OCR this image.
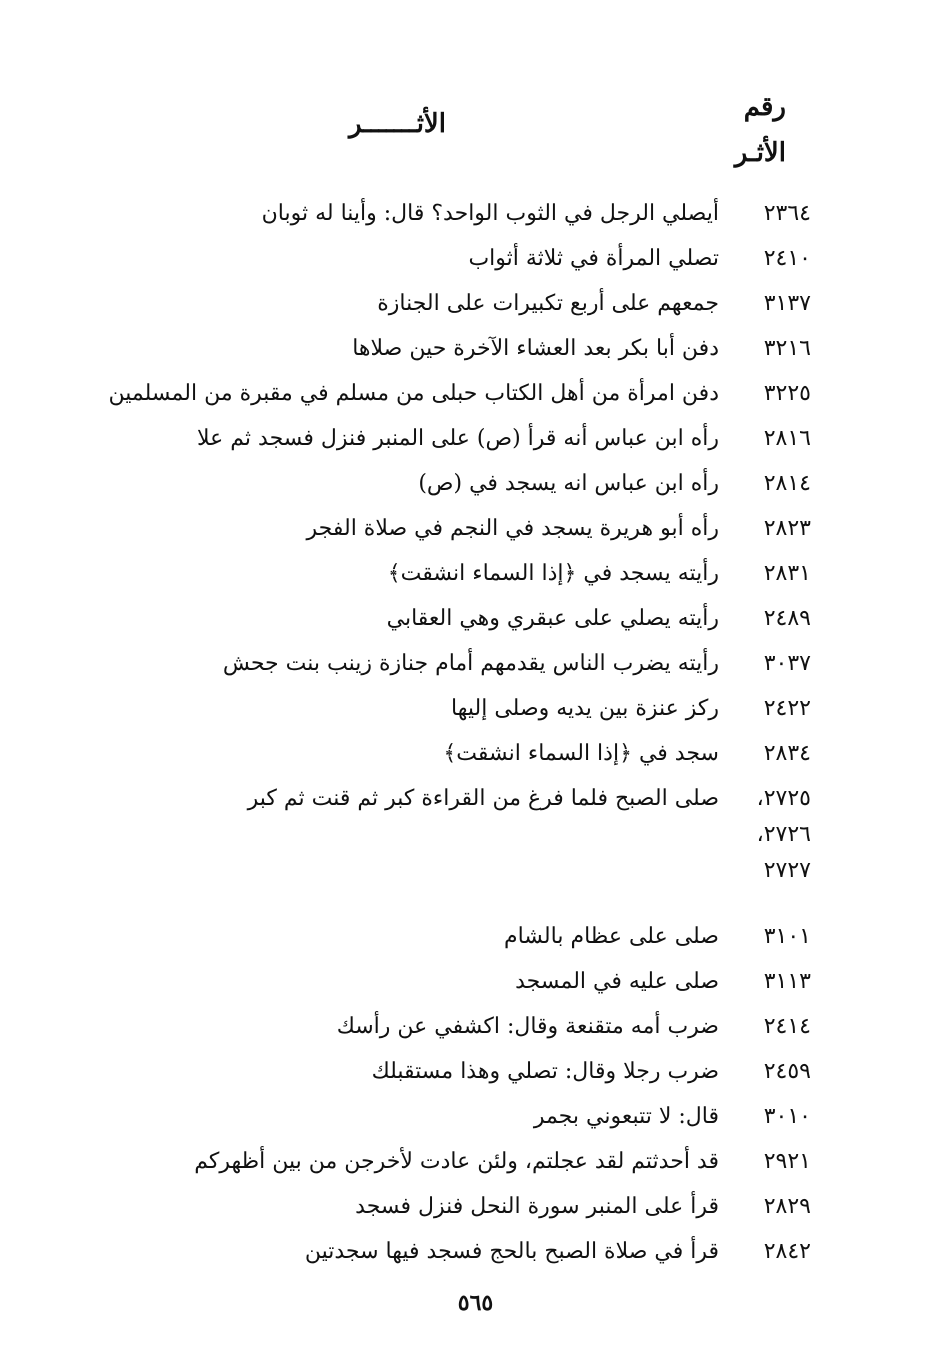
رقم
الأثـر
الأثـــــــر
٢٣٦٤
أيصلي الرجل في الثوب الواحد؟ قال: وأينا له ثوبان
٢٤١٠
تصلي المرأة في ثلاثة أثواب
٣١٣٧
جمعهم على أربع تكبيرات على الجنازة
٣٢١٦
دفن أبا بكر بعد العشاء الآخرة حين صلاها
٣٢٢٥
دفن امرأة من أهل الكتاب حبلى من مسلم في مقبرة من المسلمين
٢٨١٦
رأه ابن عباس أنه قرأ (ص) على المنبر فنزل فسجد ثم علا
٢٨١٤
رأه ابن عباس انه يسجد في (ص)
٢٨٢٣
رأه أبو هريرة يسجد في النجم في صلاة الفجر
٢٨٣١
رأيته يسجد في ﴿إذا السماء انشقت﴾
٢٤٨٩
رأيته يصلي على عبقري وهي العقابي
٣٠٣٧
رأيته يضرب الناس يقدمهم أمام جنازة زينب بنت جحش
٢٤٢٢
ركز عنزة بين يديه وصلى إليها
٢٨٣٤
سجد في ﴿إذا السماء انشقت﴾
٢٧٢٥،
٢٧٢٦،
٢٧٢٧
صلى الصبح فلما فرغ من القراءة كبر ثم قنت ثم كبر
٣١٠١
صلى على عظام بالشام
٣١١٣
صلى عليه في المسجد
٢٤١٤
ضرب أمه متقنعة وقال: اكشفي عن رأسك
٢٤٥٩
ضرب رجلا وقال: تصلي وهذا مستقبلك
٣٠١٠
قال: لا تتبعوني بجمر
٢٩٢١
قد أحدثتم لقد عجلتم، ولئن عادت لأخرجن من بين أظهركم
٢٨٢٩
قرأ على المنبر سورة النحل فنزل فسجد
٢٨٤٢
قرأ في صلاة الصبح بالحج فسجد فيها سجدتين
٥٦٥
